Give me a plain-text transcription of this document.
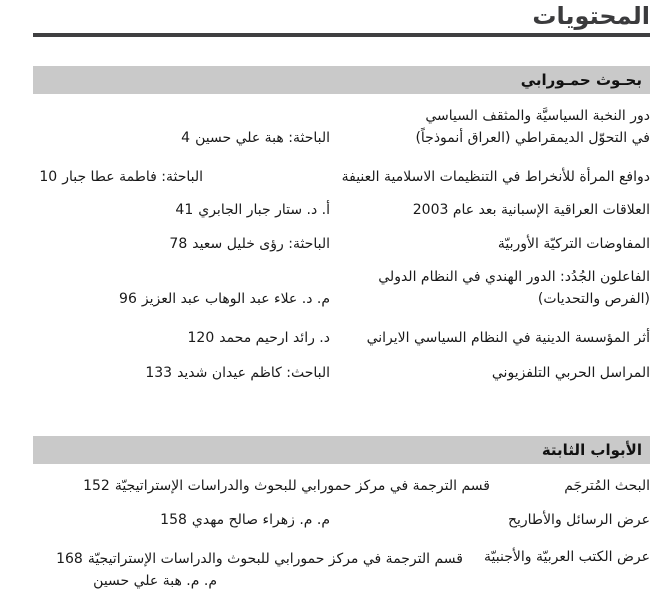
المحتويات
بحـوث حمـورابي
دور النخبة السياسيَّة والمثقف السياسي
في التحوّل الديمقراطي (العراق أنموذجاً)
الباحثة: هبة علي حسين4
دوافع المرأة للأنخراط في التنظيمات الاسلامية العنيفة
الباحثة: فاطمة عطا جبار10
العلاقات العراقية الإسبانية بعد عام 2003
أ. د. ستار جبار الجابري41
المفاوضات التركيّة الأوربيّة
الباحثة: رؤى خليل سعيد78
الفاعلون الجُدُد: الدور الهندي في النظام الدولي
(الفرص والتحديات)
م. د. علاء عبد الوهاب عبد العزيز96
أثر المؤسسة الدينية في النظام السياسي الايراني
د. رائد ارحيم محمد120
المراسل الحربي التلفزيوني
الباحث: كاظم عيدان شديد133
الأبواب الثابتة
البحث المُترجَم
قسم الترجمة في مركز حمورابي للبحوث والدراسات الإستراتيجيّة152
عرض الرسائل والأطاريح
م. م. زهراء صالح مهدي158
عرض الكتب العربيّة والأجنبيّة
قسم الترجمة في مركز حمورابي للبحوث والدراسات الإستراتيجيّة168
م. م. هبة علي حسين
